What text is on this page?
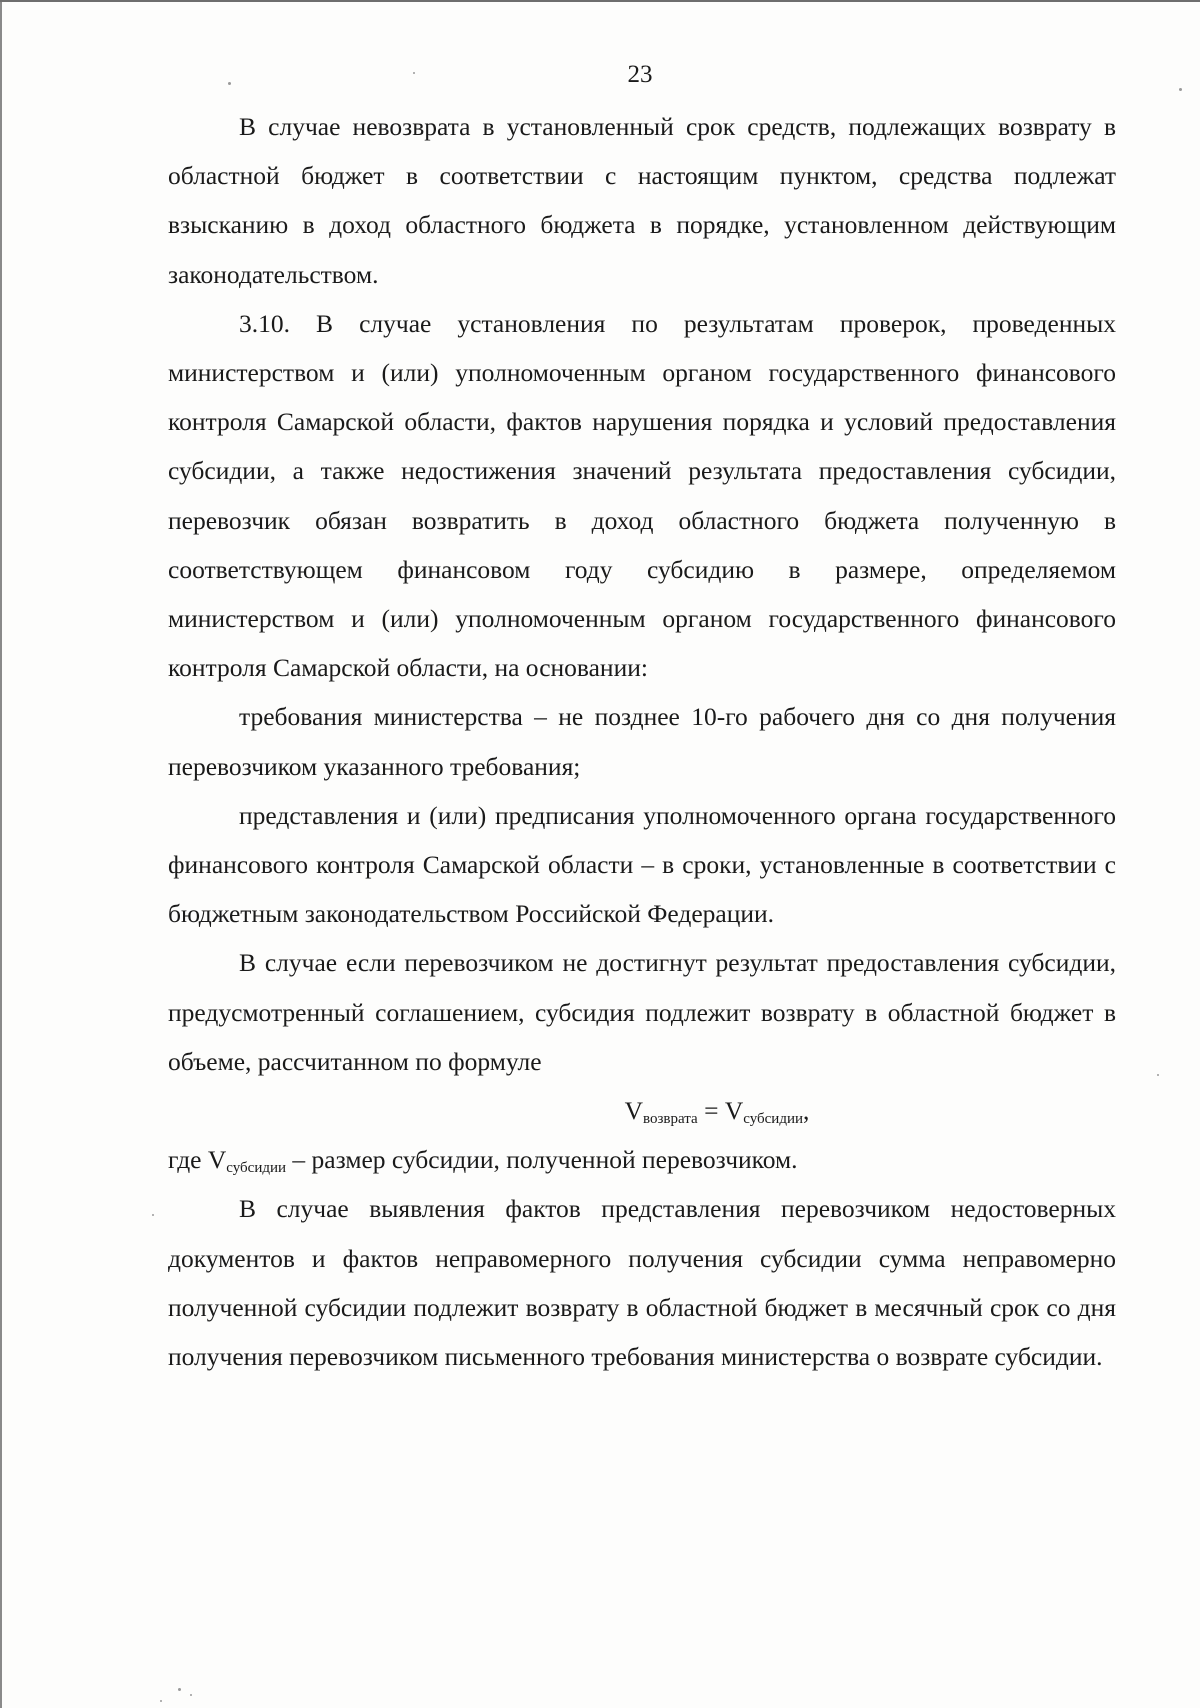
23

В случае невозврата в установленный срок средств, подлежащих возврату в областной бюджет в соответствии с настоящим пунктом, средства подлежат взысканию в доход областного бюджета в порядке, установленном действующим законодательством.

3.10. В случае установления по результатам проверок, проведенных министерством и (или) уполномоченным органом государственного финансового контроля Самарской области, фактов нарушения порядка и условий предоставления субсидии, а также недостижения значений результата предоставления субсидии, перевозчик обязан возвратить в доход областного бюджета полученную в соответствующем финансовом году субсидию в размере, определяемом министерством и (или) уполномоченным органом государственного финансового контроля Самарской области, на основании:

требования министерства – не позднее 10-го рабочего дня со дня получения перевозчиком указанного требования;

представления и (или) предписания уполномоченного органа государственного финансового контроля Самарской области – в сроки, установленные в соответствии с бюджетным законодательством Российской Федерации.

В случае если перевозчиком не достигнут результат предоставления субсидии, предусмотренный соглашением, субсидия подлежит возврату в областной бюджет в объеме, рассчитанном по формуле

$V_{возврата} = V_{субсидии}$,

где $V_{субсидии}$ – размер субсидии, полученной перевозчиком.

В случае выявления фактов представления перевозчиком недостоверных документов и фактов неправомерного получения субсидии сумма неправомерно полученной субсидии подлежит возврату в областной бюджет в месячный срок со дня получения перевозчиком письменного требования министерства о возврате субсидии.
